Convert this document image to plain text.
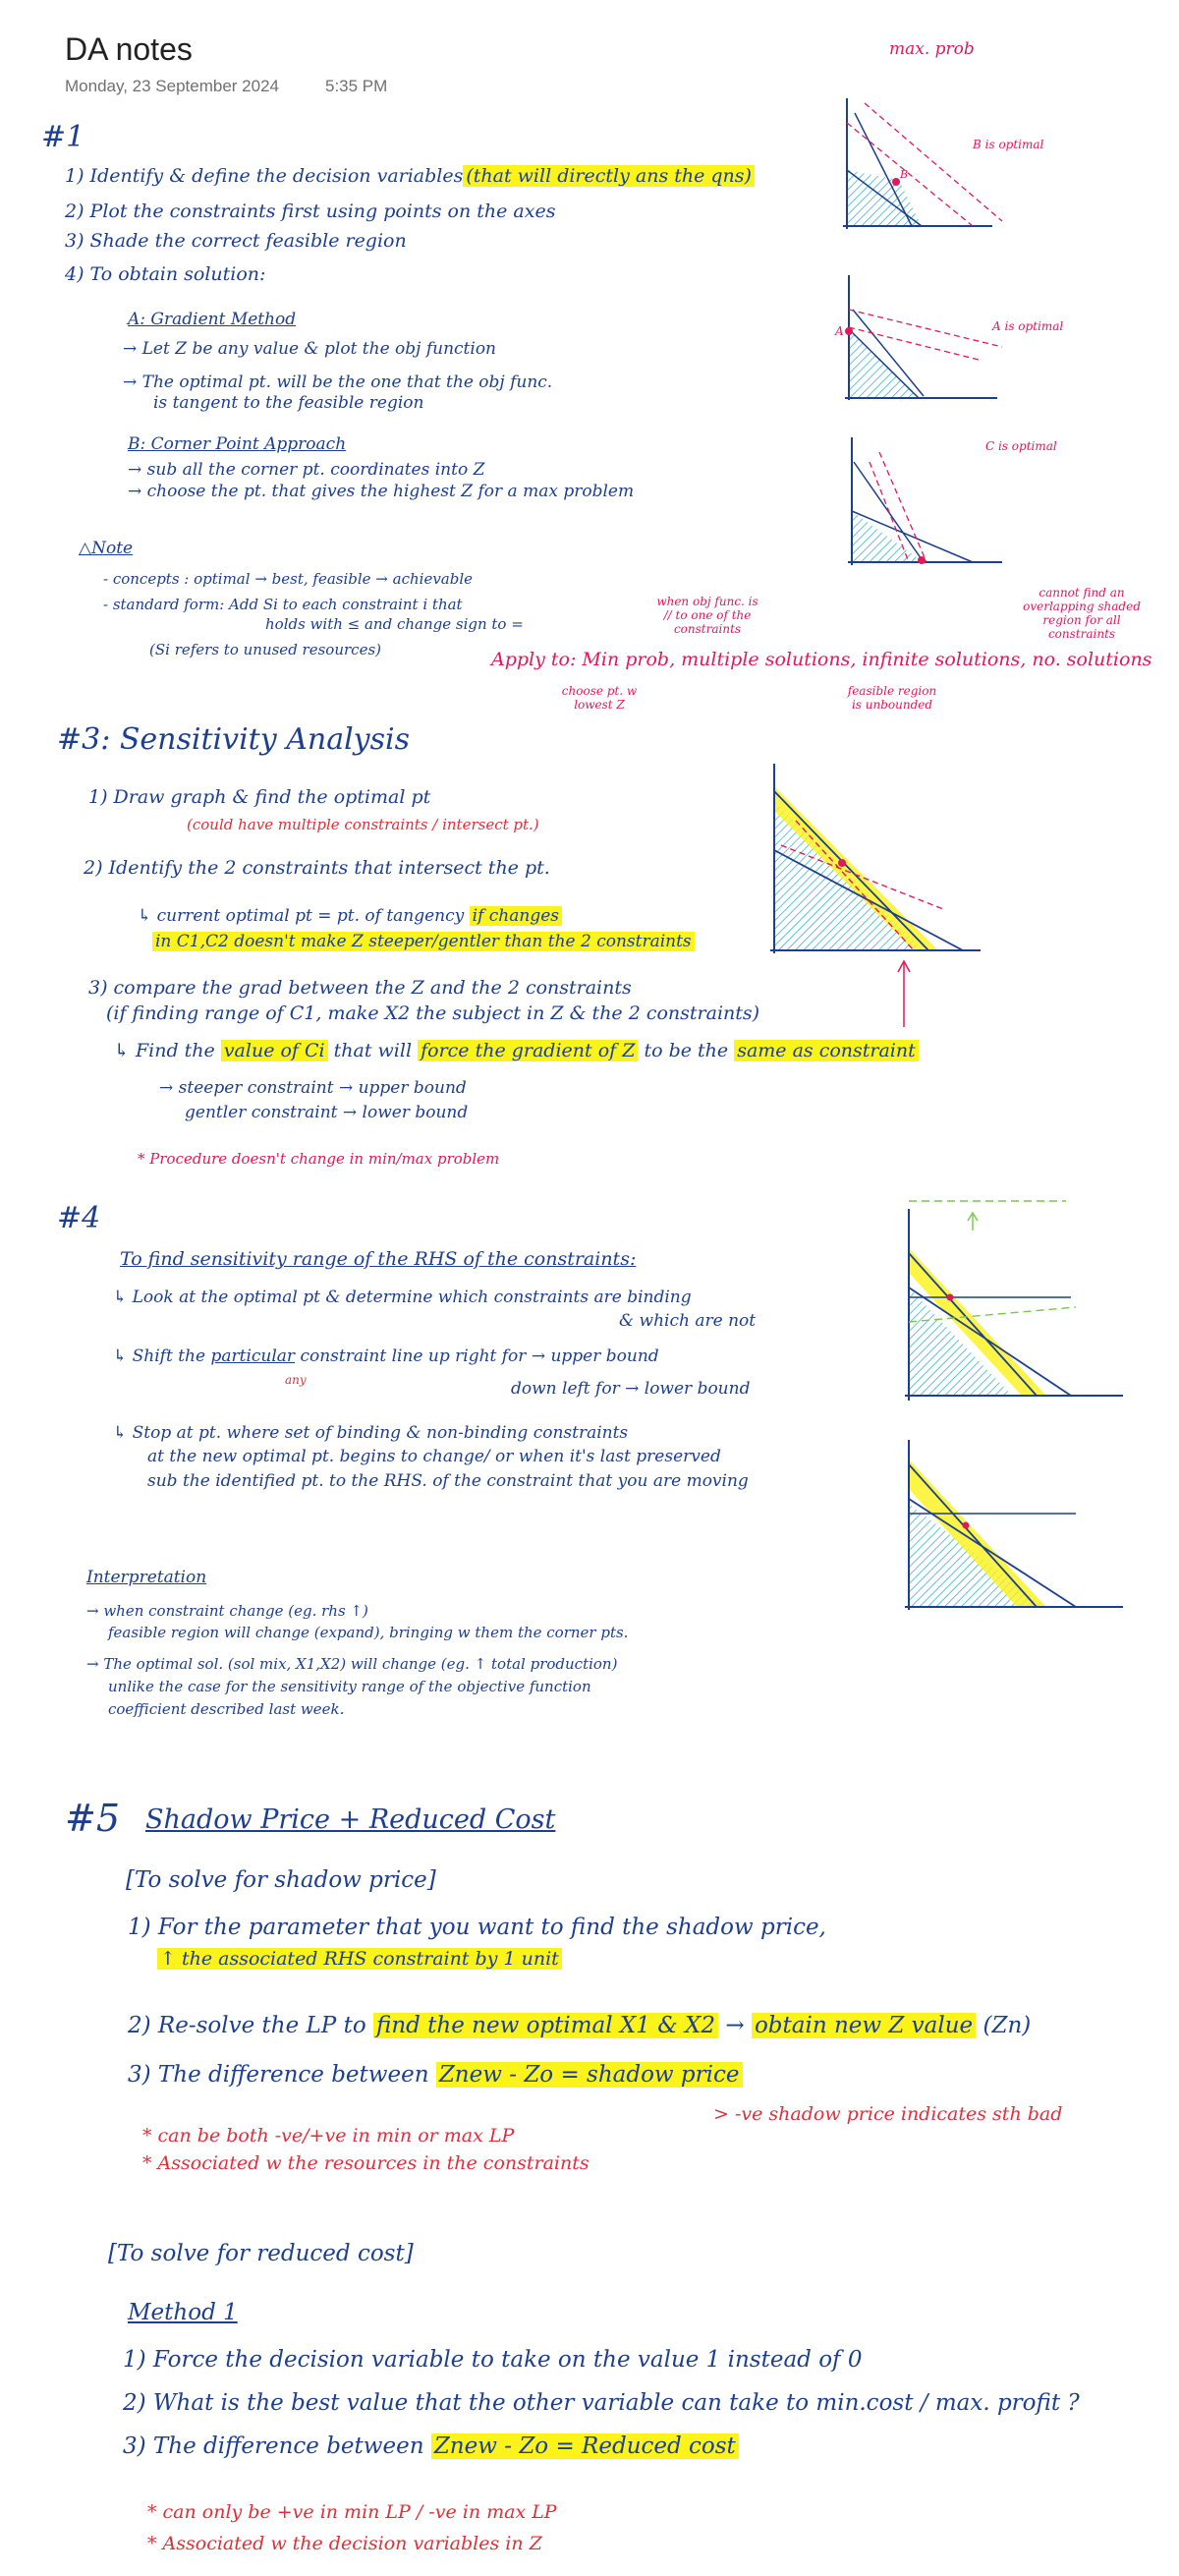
DA notes
Monday, 23 September 2024	5:35 PM
max. prob
#1
1) Identify & define the decision variables (that will directly ans the qns)
2) Plot the constraints first using points on the axes
3) Shade the correct feasible region
4) To obtain solution:
A: Gradient Method
→ Let Z be any value & plot the obj function
→ The optimal pt. will be the one that the obj func.
is tangent to the feasible region
B: Corner Point Approach
→ sub all the corner pt. coordinates into Z
→ choose the pt. that gives the highest Z for a max problem
△Note
- concepts : optimal → best, feasible → achievable
- standard form: Add Si to each constraint i that
holds with ≤ and change sign to =
(Si refers to unused resources)	Apply to: Min prob, multiple solutions, infinite solutions, no. solutions
choose pt. w lowest Z
when obj func. is // to one of the constraints
feasible region is unbounded
cannot find an overlapping shaded region for all constraints
B
B is optimal
A	A is optimal
C is optimal
#3: Sensitivity Analysis
1) Draw graph & find the optimal pt
(could have multiple constraints / intersect pt.)
2) Identify the 2 constraints that intersect the pt.
↳ current optimal pt = pt. of tangency if changes
in C1,C2 doesn't make Z steeper/gentler than the 2 constraints
3) compare the grad between the Z and the 2 constraints
(if finding range of C1, make X2 the subject in Z & the 2 constraints)
↳ Find the value of Ci that will force the gradient of Z to be the same as constraint
→ steeper constraint → upper bound
gentler constraint → lower bound
* Procedure doesn't change in min/max problem
#4
To find sensitivity range of the RHS of the constraints:
↳ Look at the optimal pt & determine which constraints are binding
& which are not
↳ Shift the particular constraint line up right for → upper bound
any	down left for → lower bound
↳ Stop at pt. where set of binding & non-binding constraints
at the new optimal pt. begins to change/ or when it's last preserved
sub the identified pt. to the RHS. of the constraint that you are moving
Interpretation
→ when constraint change (eg. rhs ↑)
feasible region will change (expand), bringing w them the corner pts.
→ The optimal sol. (sol mix, X1,X2) will change (eg. ↑ total production)
unlike the case for the sensitivity range of the objective function
coefficient described last week.
#5 Shadow Price + Reduced Cost
[To solve for shadow price]
1) For the parameter that you want to find the shadow price,
↑ the associated RHS constraint by 1 unit
2) Re-solve the LP to find the new optimal X1 & X2 → obtain new Z value (Zn)
3) The difference between Znew - Zo = shadow price
* can be both -ve/+ve in min or max LP
* Associated w the resources in the constraints
> -ve shadow price indicates sth bad
[To solve for reduced cost]
Method 1
1) Force the decision variable to take on the value 1 instead of 0
2) What is the best value that the other variable can take to min.cost / max. profit ?
3) The difference between Znew - Zo = Reduced cost
* can only be +ve in min LP / -ve in max LP
* Associated w the decision variables in Z
